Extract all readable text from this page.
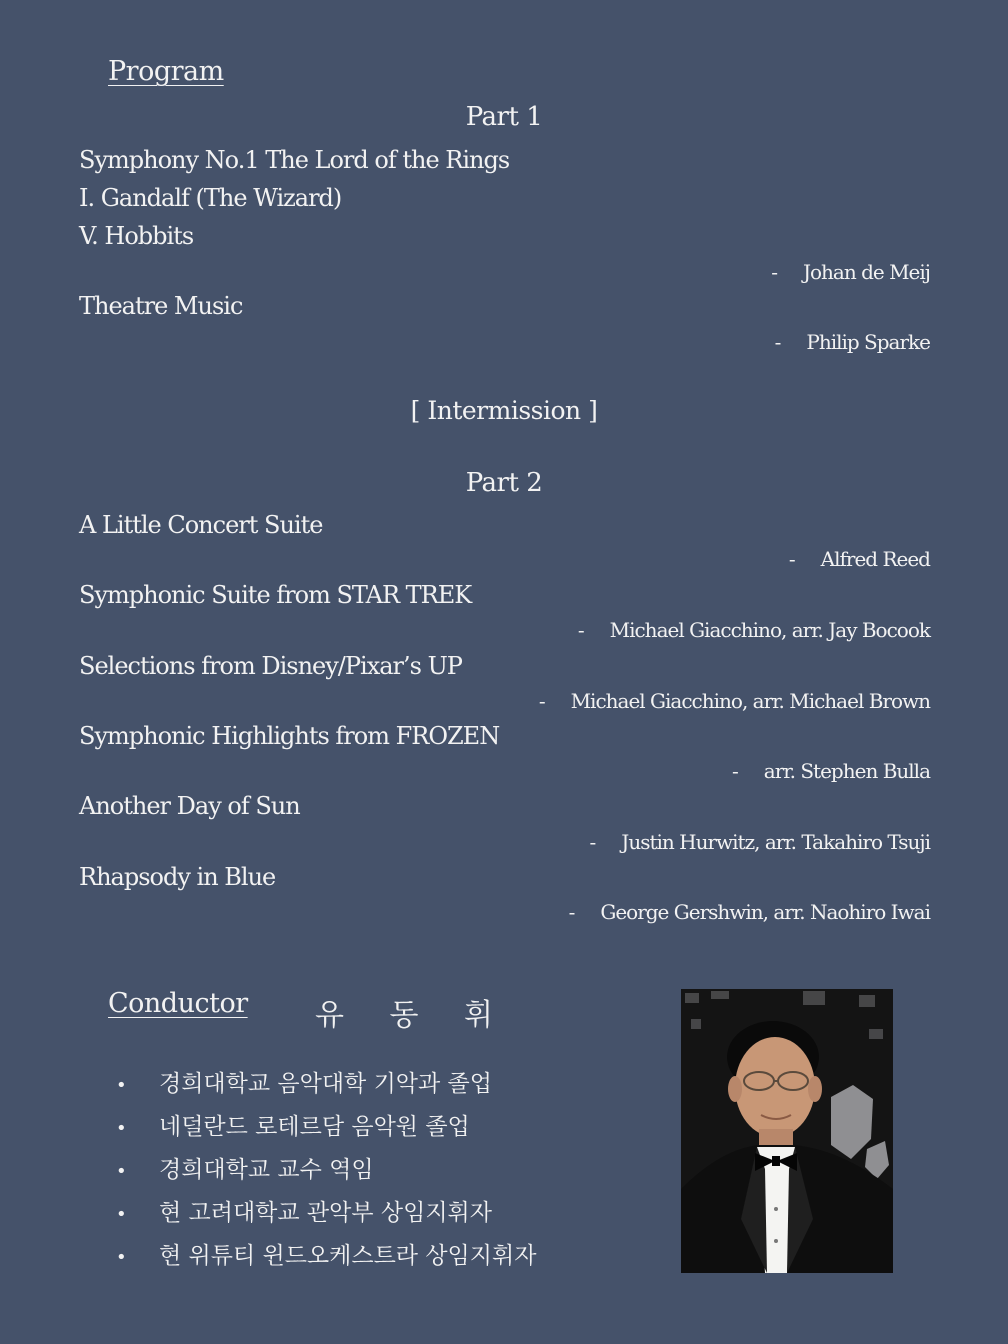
Program
Part 1
Symphony No.1 The Lord of the Rings
I. Gandalf (The Wizard)
V. Hobbits
- Johan de Meij
Theatre Music
- Philip Sparke
[ Intermission ]
Part 2
A Little Concert Suite
- Alfred Reed
Symphonic Suite from STAR TREK
- Michael Giacchino, arr. Jay Bocook
Selections from Disney/Pixar’s UP
- Michael Giacchino, arr. Michael Brown
Symphonic Highlights from FROZEN
- arr. Stephen Bulla
Another Day of Sun
- Justin Hurwitz, arr. Takahiro Tsuji
Rhapsody in Blue
- George Gershwin, arr. Naohiro Iwai
Conductor 유 동 휘
• 경희대학교 음악대학 기악과 졸업
• 네덜란드 로테르담 음악원 졸업
• 경희대학교 교수 역임
• 현 고려대학교 관악부 상임지휘자
• 현 위튜티 윈드오케스트라 상임지휘자
